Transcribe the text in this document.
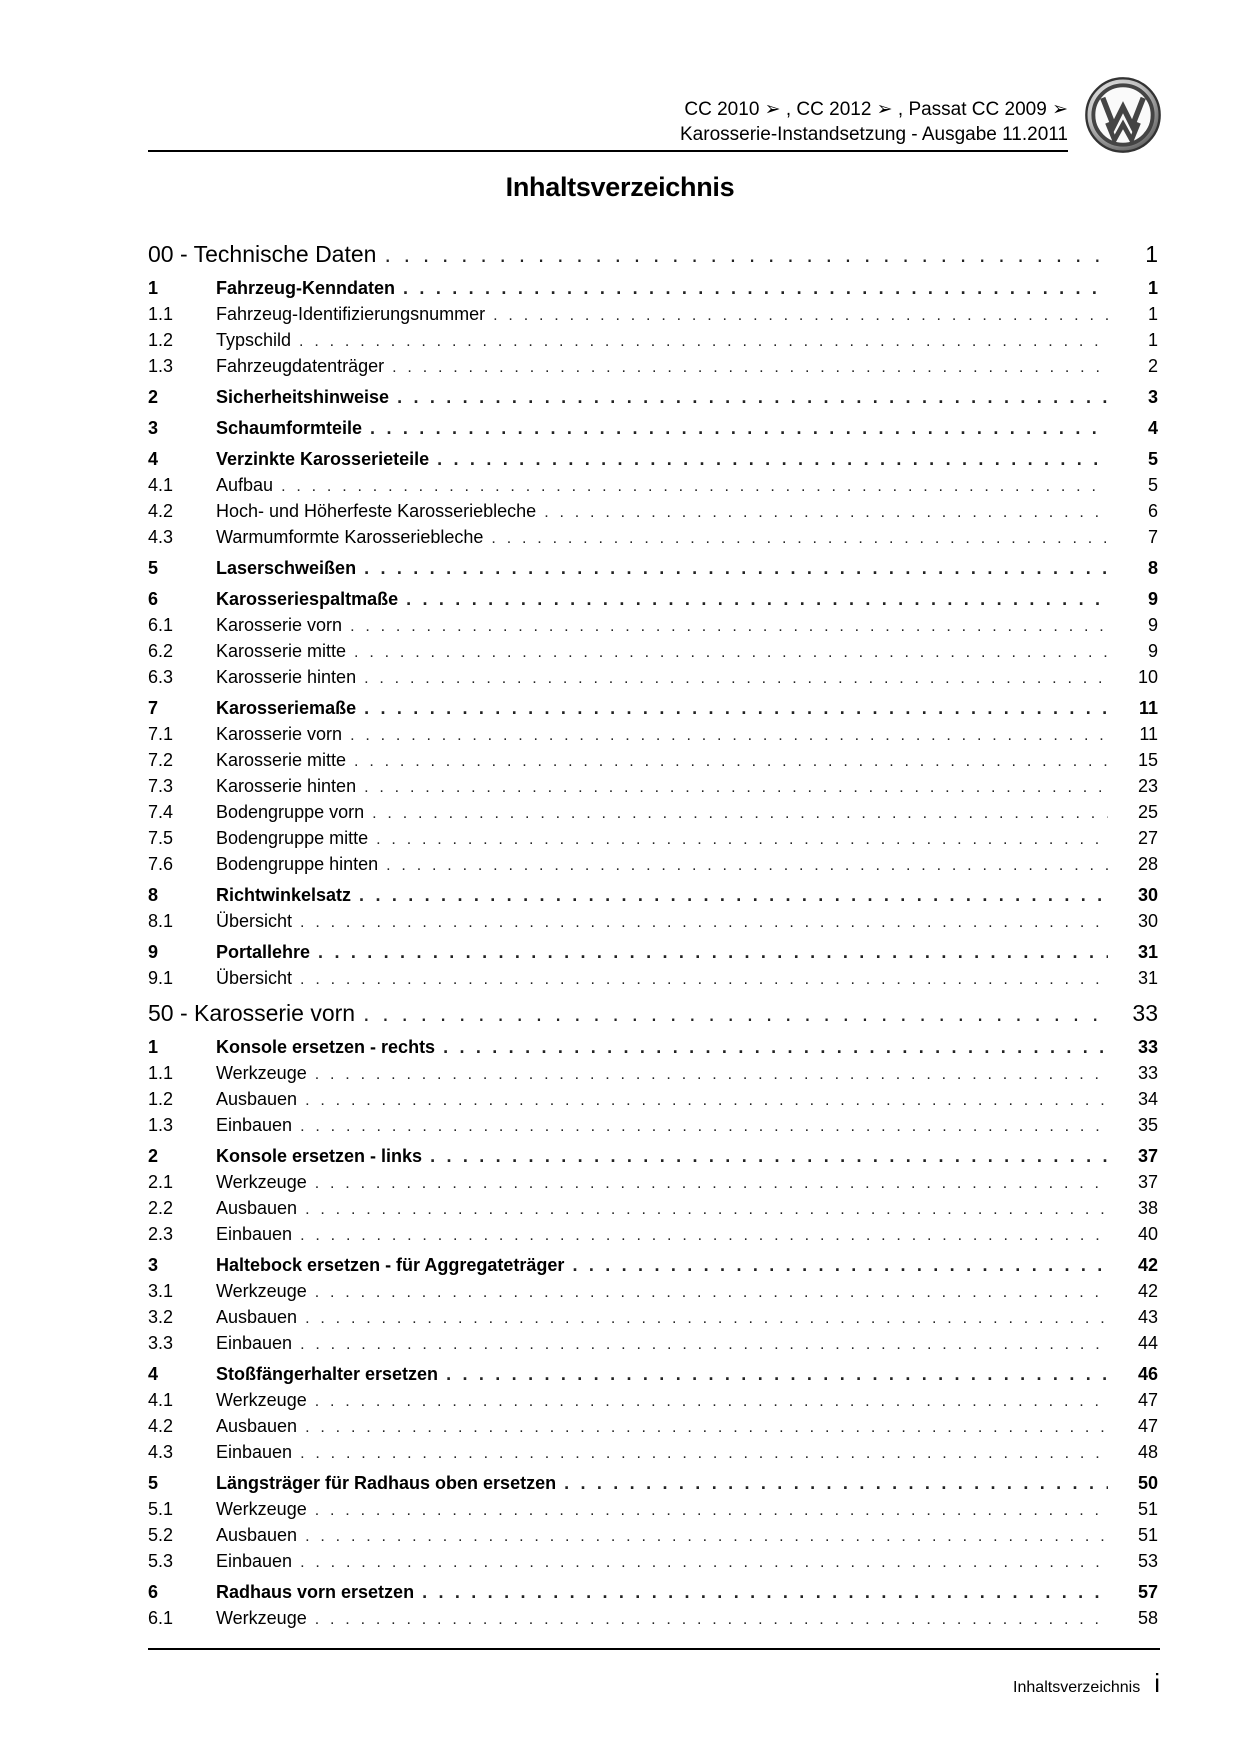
CC 2010 ➢ , CC 2012 ➢ , Passat CC 2009 ➢
Karosserie-Instandsetzung - Ausgabe 11.2011
Inhaltsverzeichnis
00 - Technische Daten . . .	1
1	Fahrzeug-Kenndaten . . .	1
1.1	Fahrzeug-Identifizierungsnummer . . .	1
1.2	Typschild . . .	1
1.3	Fahrzeugdatenträger . . .	2
2	Sicherheitshinweise . . .	3
3	Schaumformteile . . .	4
4	Verzinkte Karosserieteile . . .	5
4.1	Aufbau . . .	5
4.2	Hoch- und Höherfeste Karosseriebleche . . .	6
4.3	Warmumformte Karosseriebleche . . .	7
5	Laserschweißen . . .	8
6	Karosseriespaltmaße . . .	9
6.1	Karosserie vorn . . .	9
6.2	Karosserie mitte . . .	9
6.3	Karosserie hinten . . .	10
7	Karosseriemaße . . .	11
7.1	Karosserie vorn . . .	11
7.2	Karosserie mitte . . .	15
7.3	Karosserie hinten . . .	23
7.4	Bodengruppe vorn . . .	25
7.5	Bodengruppe mitte . . .	27
7.6	Bodengruppe hinten . . .	28
8	Richtwinkelsatz . . .	30
8.1	Übersicht . . .	30
9	Portallehre . . .	31
9.1	Übersicht . . .	31
50 - Karosserie vorn . . .	33
1	Konsole ersetzen - rechts . . .	33
1.1	Werkzeuge . . .	33
1.2	Ausbauen . . .	34
1.3	Einbauen . . .	35
2	Konsole ersetzen - links . . .	37
2.1	Werkzeuge . . .	37
2.2	Ausbauen . . .	38
2.3	Einbauen . . .	40
3	Haltebock ersetzen - für Aggregateträger . . .	42
3.1	Werkzeuge . . .	42
3.2	Ausbauen . . .	43
3.3	Einbauen . . .	44
4	Stoßfängerhalter ersetzen . . .	46
4.1	Werkzeuge . . .	47
4.2	Ausbauen . . .	47
4.3	Einbauen . . .	48
5	Längsträger für Radhaus oben ersetzen . . .	50
5.1	Werkzeuge . . .	51
5.2	Ausbauen . . .	51
5.3	Einbauen . . .	53
6	Radhaus vorn ersetzen . . .	57
6.1	Werkzeuge . . .	58
Inhaltsverzeichnis i
